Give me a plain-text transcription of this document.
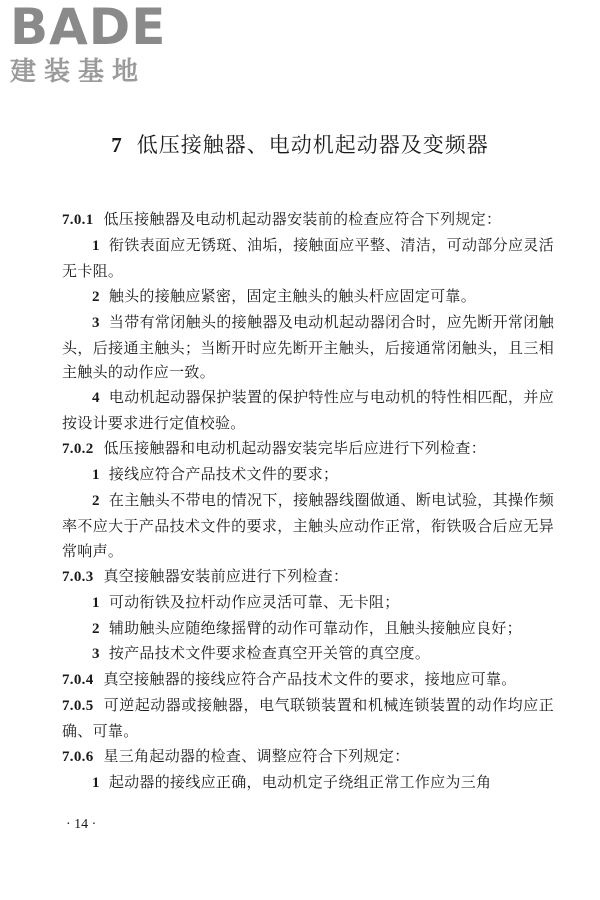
BADE
建装基地
7 低压接触器、电动机起动器及变频器

7.0.1 低压接触器及电动机起动器安装前的检查应符合下列规定：

1 衔铁表面应无锈斑、油垢，接触面应平整、清洁，可动部分应灵活无卡阻。

2 触头的接触应紧密，固定主触头的触头杆应固定可靠。

3 当带有常闭触头的接触器及电动机起动器闭合时，应先断开常闭触头，后接通主触头；当断开时应先断开主触头，后接通常闭触头，且三相主触头的动作应一致。

4 电动机起动器保护装置的保护特性应与电动机的特性相匹配，并应按设计要求进行定值校验。

7.0.2 低压接触器和电动机起动器安装完毕后应进行下列检查：

1 接线应符合产品技术文件的要求；

2 在主触头不带电的情况下，接触器线圈做通、断电试验，其操作频率不应大于产品技术文件的要求，主触头应动作正常，衔铁吸合后应无异常响声。

7.0.3 真空接触器安装前应进行下列检查：

1 可动衔铁及拉杆动作应灵活可靠、无卡阻；

2 辅助触头应随绝缘摇臂的动作可靠动作，且触头接触应良好；

3 按产品技术文件要求检查真空开关管的真空度。

7.0.4 真空接触器的接线应符合产品技术文件的要求，接地应可靠。

7.0.5 可逆起动器或接触器，电气联锁装置和机械连锁装置的动作均应正确、可靠。

7.0.6 星三角起动器的检查、调整应符合下列规定：

1 起动器的接线应正确，电动机定子绕组正常工作应为三角

· 14 ·
